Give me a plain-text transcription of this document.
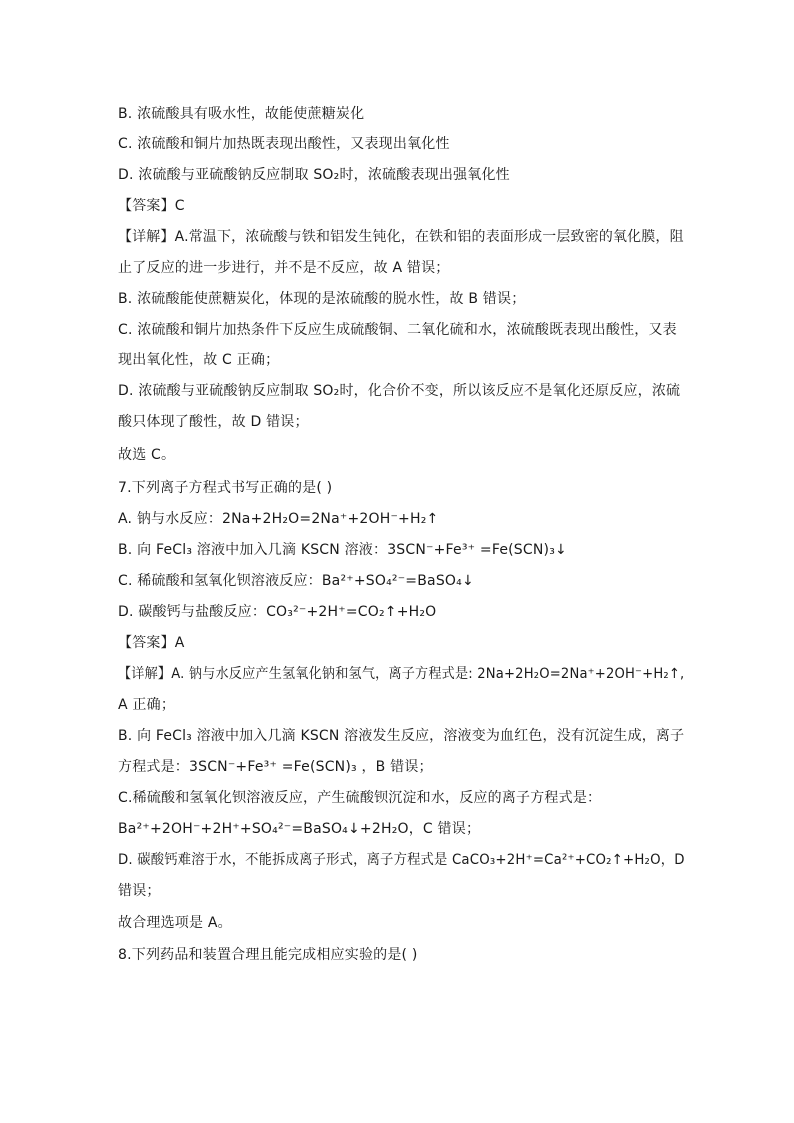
B. 浓硫酸具有吸水性，故能使蔗糖炭化
C. 浓硫酸和铜片加热既表现出酸性，又表现出氧化性
D. 浓硫酸与亚硫酸钠反应制取 SO₂时，浓硫酸表现出强氧化性
【答案】C
【详解】A.常温下，浓硫酸与铁和铝发生钝化，在铁和铝的表面形成一层致密的氧化膜，阻
止了反应的进一步进行，并不是不反应，故 A 错误；
B. 浓硫酸能使蔗糖炭化，体现的是浓硫酸的脱水性，故 B 错误；
C. 浓硫酸和铜片加热条件下反应生成硫酸铜、二氧化硫和水，浓硫酸既表现出酸性，又表
现出氧化性，故 C 正确；
D. 浓硫酸与亚硫酸钠反应制取 SO₂时，化合价不变，所以该反应不是氧化还原反应，浓硫
酸只体现了酸性，故 D 错误；
故选 C。
7.下列离子方程式书写正确的是( )
A. 钠与水反应：2Na+2H₂O=2Na⁺+2OH⁻+H₂↑
B. 向 FeCl₃ 溶液中加入几滴 KSCN 溶液：3SCN⁻+Fe³⁺ =Fe(SCN)₃↓
C. 稀硫酸和氢氧化钡溶液反应：Ba²⁺+SO₄²⁻=BaSO₄↓
D. 碳酸钙与盐酸反应：CO₃²⁻+2H⁺=CO₂↑+H₂O
【答案】A
【详解】A. 钠与水反应产生氢氧化钠和氢气，离子方程式是: 2Na+2H₂O=2Na⁺+2OH⁻+H₂↑,
A 正确；
B. 向 FeCl₃ 溶液中加入几滴 KSCN 溶液发生反应，溶液变为血红色，没有沉淀生成，离子
方程式是：3SCN⁻+Fe³⁺ =Fe(SCN)₃ ，B 错误；
C.稀硫酸和氢氧化钡溶液反应，产生硫酸钡沉淀和水，反应的离子方程式是：
Ba²⁺+2OH⁻+2H⁺+SO₄²⁻=BaSO₄↓+2H₂O，C 错误；
D. 碳酸钙难溶于水，不能拆成离子形式，离子方程式是 CaCO₃+2H⁺=Ca²⁺+CO₂↑+H₂O，D
错误；
故合理选项是 A。
8.下列药品和装置合理且能完成相应实验的是( )
